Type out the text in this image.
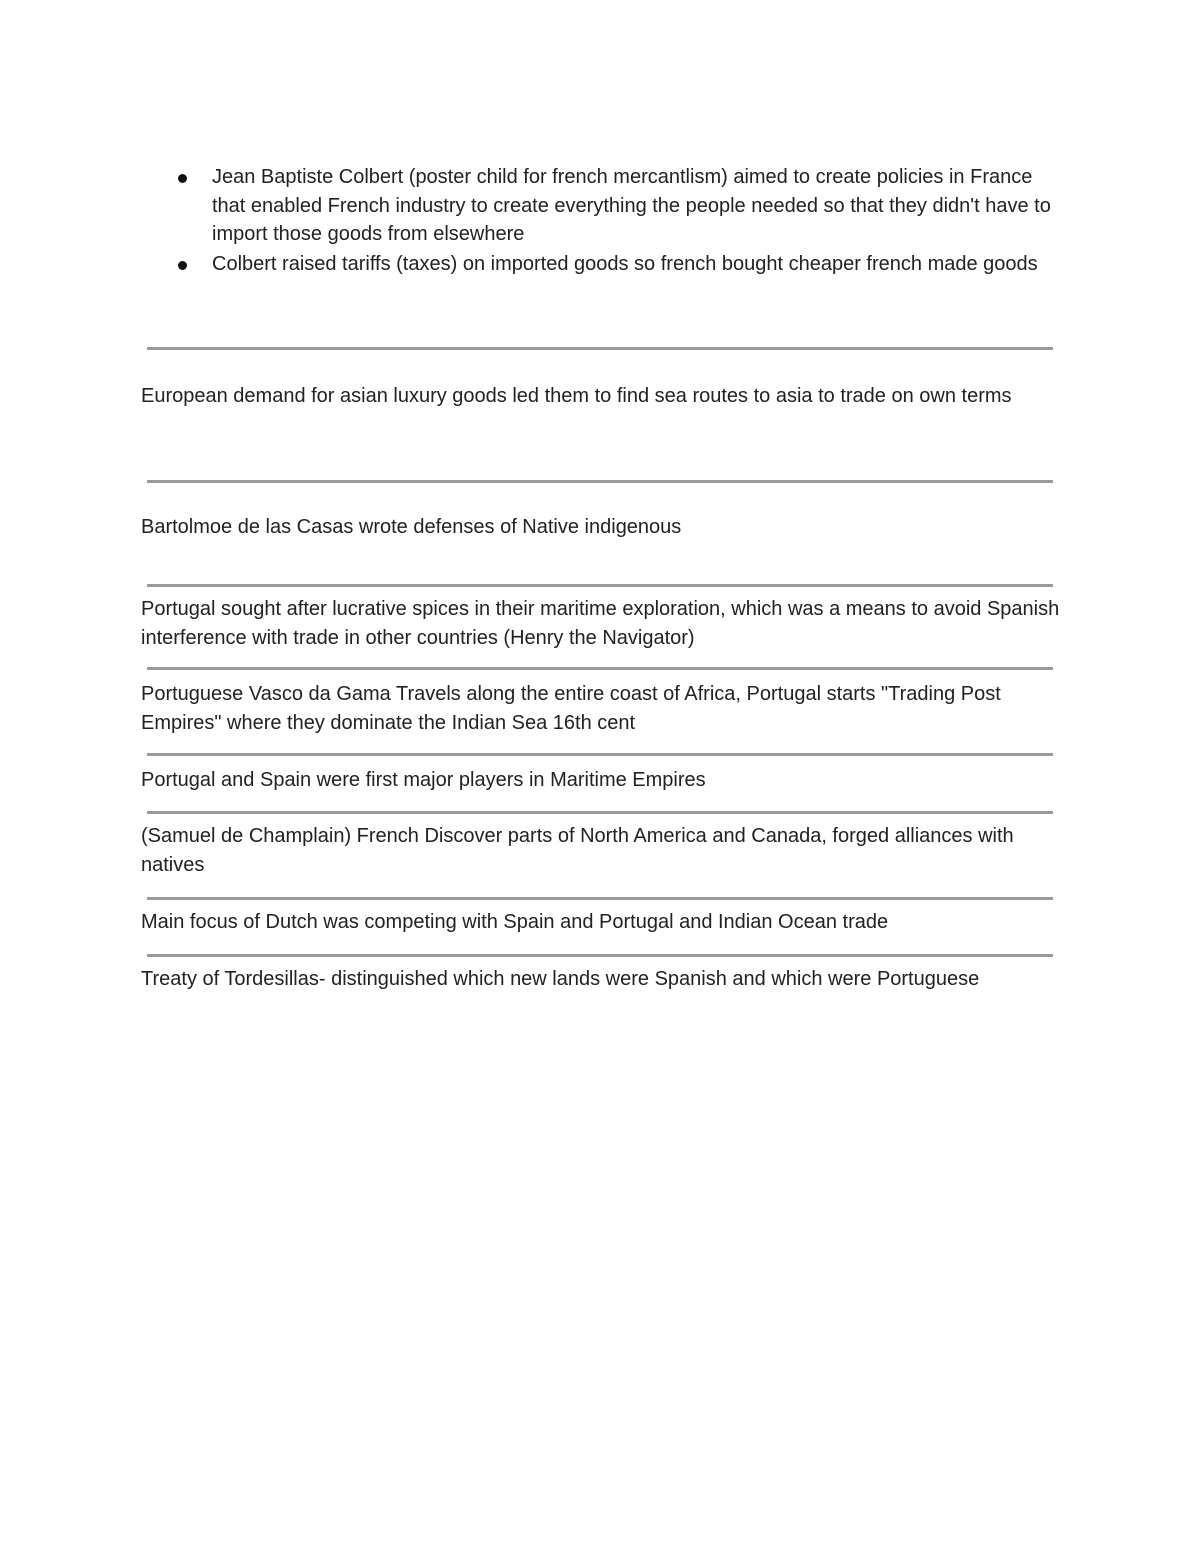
Jean Baptiste Colbert (poster child for french mercantlism) aimed to create policies in France that enabled French industry to create everything the people needed so that they didn't have to import those goods from elsewhere

Colbert raised tariffs (taxes) on imported goods so french bought cheaper french made goods

European demand for asian luxury goods led them to find sea routes to asia to trade on own terms

Bartolmoe de las Casas wrote defenses of Native indigenous

Portugal sought after lucrative spices in their maritime exploration, which was a means to avoid Spanish interference with trade in other countries (Henry the Navigator)

Portuguese Vasco da Gama Travels along the entire coast of Africa, Portugal starts "Trading Post Empires" where they dominate the Indian Sea 16th cent

Portugal and Spain were first major players in Maritime Empires

(Samuel de Champlain) French Discover parts of North America and Canada, forged alliances with natives

Main focus of Dutch was competing with Spain and Portugal and Indian Ocean trade

Treaty of Tordesillas- distinguished which new lands were Spanish and which were Portuguese
